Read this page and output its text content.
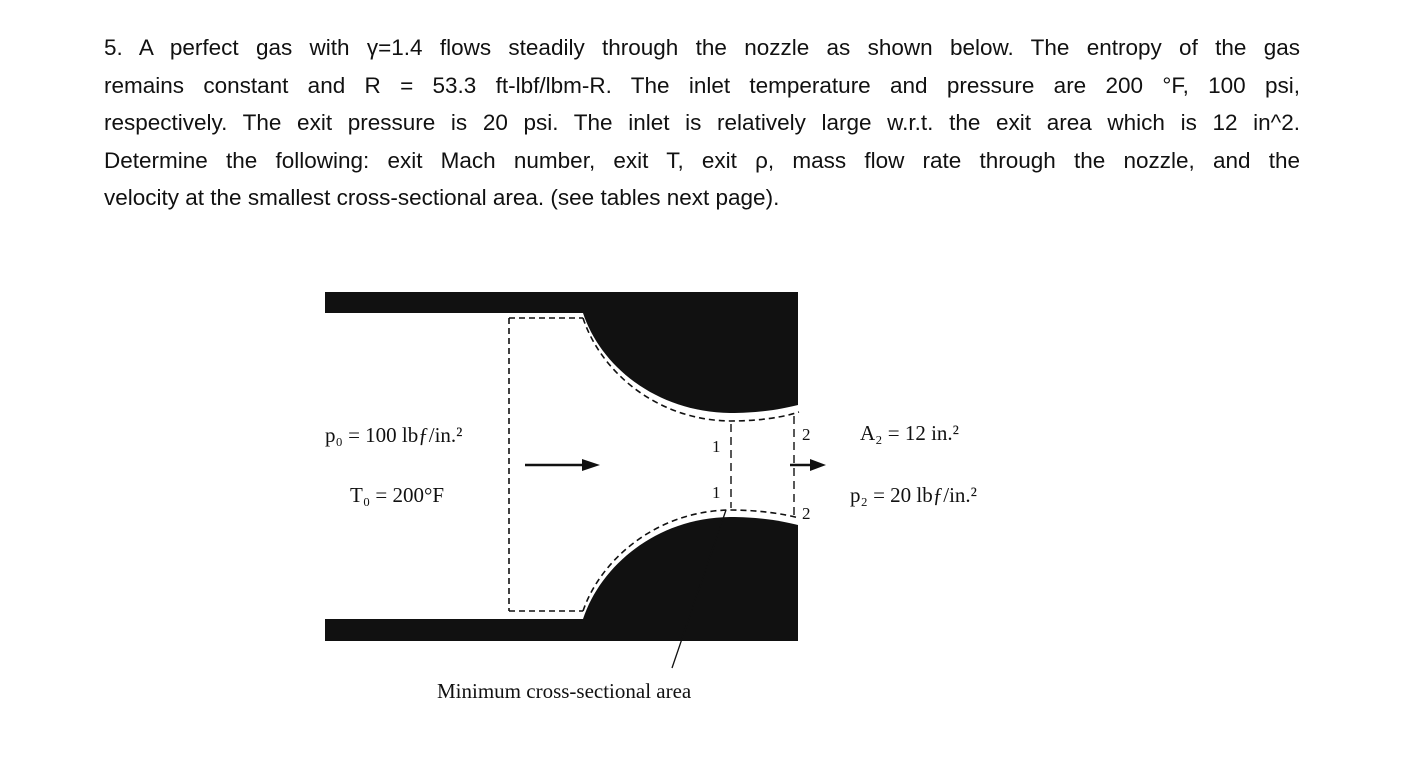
5. A perfect gas with γ=1.4 flows steadily through the nozzle as shown below. The entropy of the gas
remains constant and R = 53.3 ft-lbf/lbm-R. The inlet temperature and pressure are 200 °F, 100 psi,
respectively. The exit pressure is 20 psi. The inlet is relatively large w.r.t. the exit area which is 12 in^2.
Determine the following: exit Mach number, exit T, exit ρ, mass flow rate through the nozzle, and the
velocity at the smallest cross-sectional area. (see tables next page).
p₀ = 100 lbƒ/in.²
T₀ = 200°F
1
1
2
2
A₂ = 12 in.²
p₂ = 20 lbƒ/in.²
Minimum cross-sectional area
